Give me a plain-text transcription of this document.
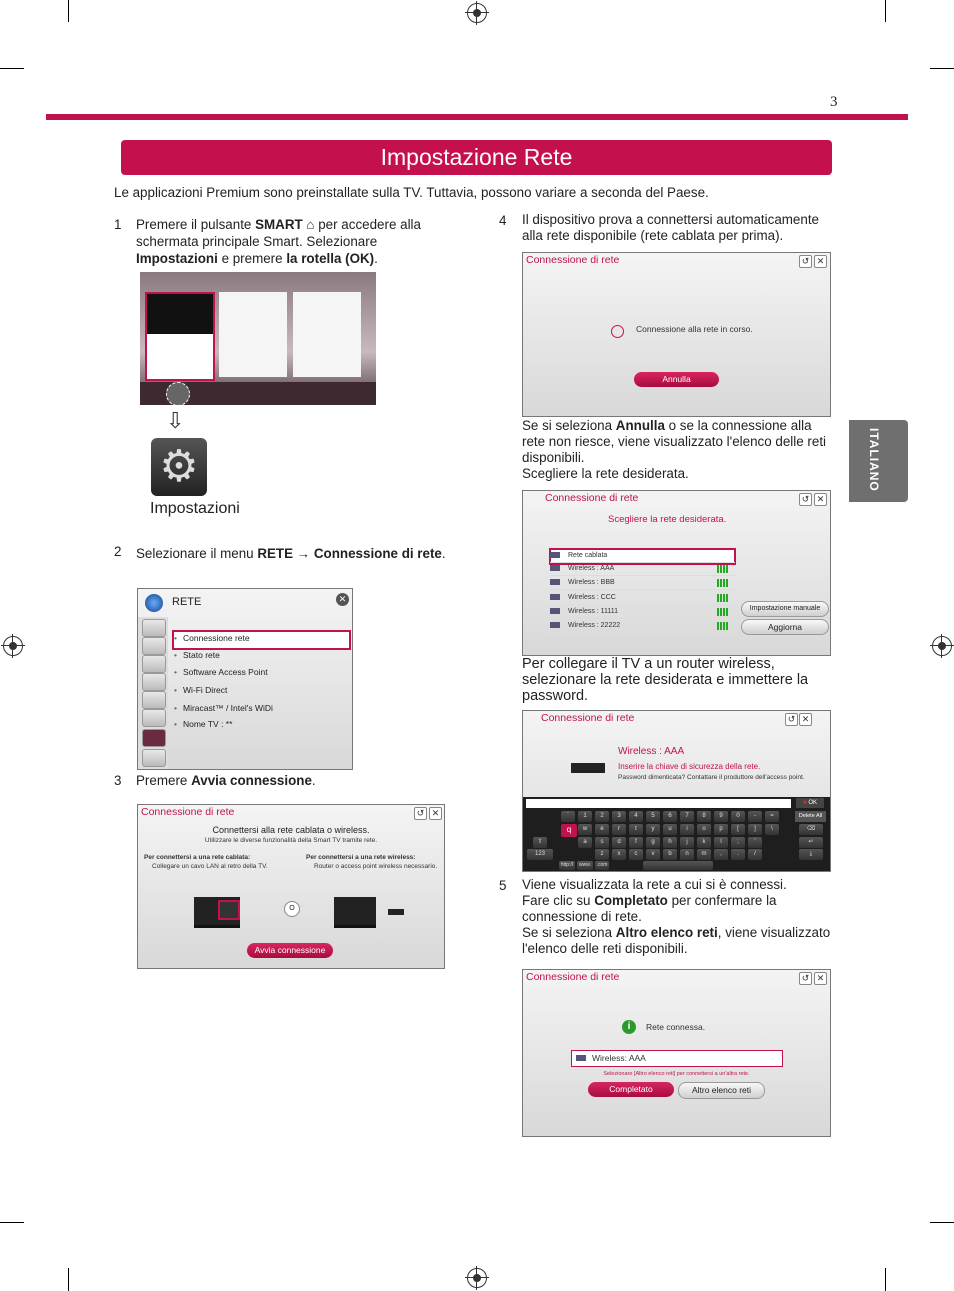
3
Impostazione Rete
Le applicazioni Premium sono preinstallate sulla TV. Tuttavia, possono variare a seconda del Paese.
ITALIANO
1 Premere il pulsante SMART ⌂ per accedere alla schermata principale Smart. Selezionare Impostazioni e premere la rotella (OK).
⇩
⚙
Impostazioni
2 Selezionare il menu RETE → Connessione di rete.
RETE	✕
• Connessione rete
• Stato rete
• Software Access Point
• Wi-Fi Direct
• Miracast™ / Intel's WiDi
• Nome TV : **
3 Premere Avvia connessione.
Connessione di rete	↺ ✕
Connettersi alla rete cablata o wireless.
Utilizzare le diverse funzionalità della Smart TV tramite rete.
Per connettersi a una rete cablata:
Collegare un cavo LAN al retro della TV.
Per connettersi a una rete wireless:
Router o access point wireless necessario.
O
Avvia connessione
4 Il dispositivo prova a connettersi automaticamente alla rete disponibile (rete cablata per prima).
Connessione di rete	↺ ✕
Connessione alla rete in corso.
Annulla
Se si seleziona Annulla o se la connessione alla rete non riesce, viene visualizzato l'elenco delle reti disponibili.
Scegliere la rete desiderata.
Connessione di rete	↺ ✕
Scegliere la rete desiderata.
Rete cablata
Wireless : AAA
Wireless : BBB
Wireless : CCC
Wireless : 11111
Wireless : 22222
Impostazione manuale
Aggiorna
Per collegare il TV a un router wireless, selezionare la rete desiderata e immettere la password.
Connessione di rete	↺ ✕
Wireless : AAA
Inserire la chiave di sicurezza della rete.
Password dimenticata? Contattare il produttore dell'access point.
■ OK
Delete All
`	1	2	3	4	5	6	7	8	9	0	-	=
q	w	e	r	t	y	u	i	o	p	[	]	\
a	s	d	f	g	h	j	k	l	;	'
z	x	c	v	b	n	m	,	.	/
123
http://	www.	.com
⇧
⌫
↵
⤓
5 Viene visualizzata la rete a cui si è connessi.
Fare clic su Completato per confermare la connessione di rete.
Se si seleziona Altro elenco reti, viene visualizzato l'elenco delle reti disponibili.
Connessione di rete	↺ ✕
i	Rete connessa.
Wireless: AAA
Selezionare [Altro elenco reti] per connettersi a un'altra rete.
Completato	Altro elenco reti
